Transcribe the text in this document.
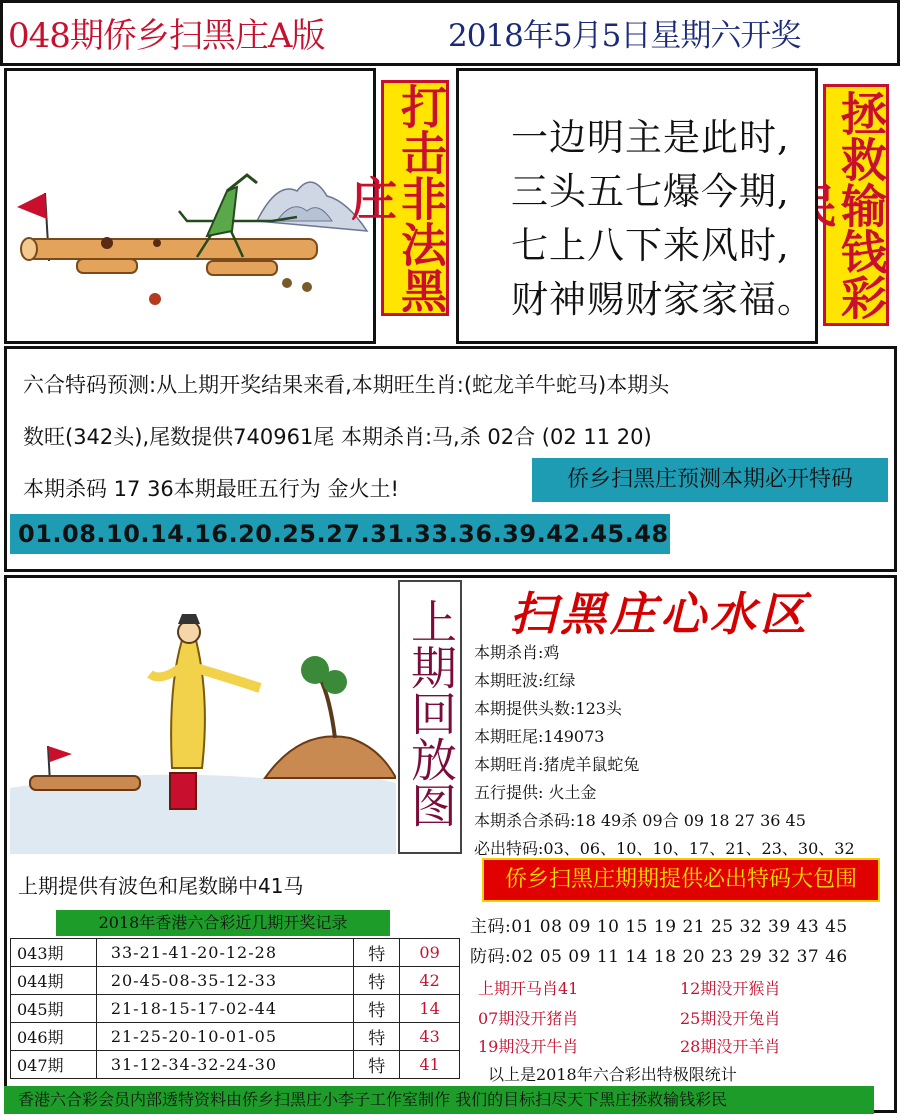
048期侨乡扫黑庄A版	2018年5月5日星期六开奖
打击非法黑庄
拯救输钱彩
一边明主是此时,
三头五七爆今期,
七上八下来风时,
财神赐财家家福。
六合特码预测:从上期开奖结果来看,本期旺生肖:(蛇龙羊牛蛇马)本期头
数旺(342头),尾数提供740961尾 本期杀肖:马,杀 02合 (02 11 20)
本期杀码 17 36本期最旺五行为 金火土!	侨乡扫黑庄预测本期必开特码
01.08.10.14.16.20.25.27.31.33.36.39.42.45.48
上期回放图 扫黑庄心水区
本期杀肖:鸡
本期旺波:红绿
本期提供头数:123头
本期旺尾:149073
本期旺肖:猪虎羊鼠蛇兔
五行提供: 火土金
本期杀合杀码:18 49杀 09合 09 18 27 36 45
必出特码:03、06、10、10、17、21、23、30、32
上期提供有波色和尾数睇中41马	侨乡扫黑庄期期提供必出特码大包围
2018年香港六合彩近几期开奖记录
043期	33-21-41-20-12-28	特	09
044期	20-45-08-35-12-33	特	42
045期	21-18-15-17-02-44	特	14
046期	21-25-20-10-01-05	特	43
047期	31-12-34-32-24-30	特	41
主码:01 08 09 10 15 19 21 25 32 39 43 45
防码:02 05 09 11 14 18 20 23 29 32 37 46
上期开马肖41	12期没开猴肖
07期没开猪肖	25期没开兔肖
19期没开牛肖	28期没开羊肖
以上是2018年六合彩出特极限统计
香港六合彩会员内部透特资料由侨乡扫黑庄小李子工作室制作 我们的目标扫尽天下黑庄拯救输钱彩民
